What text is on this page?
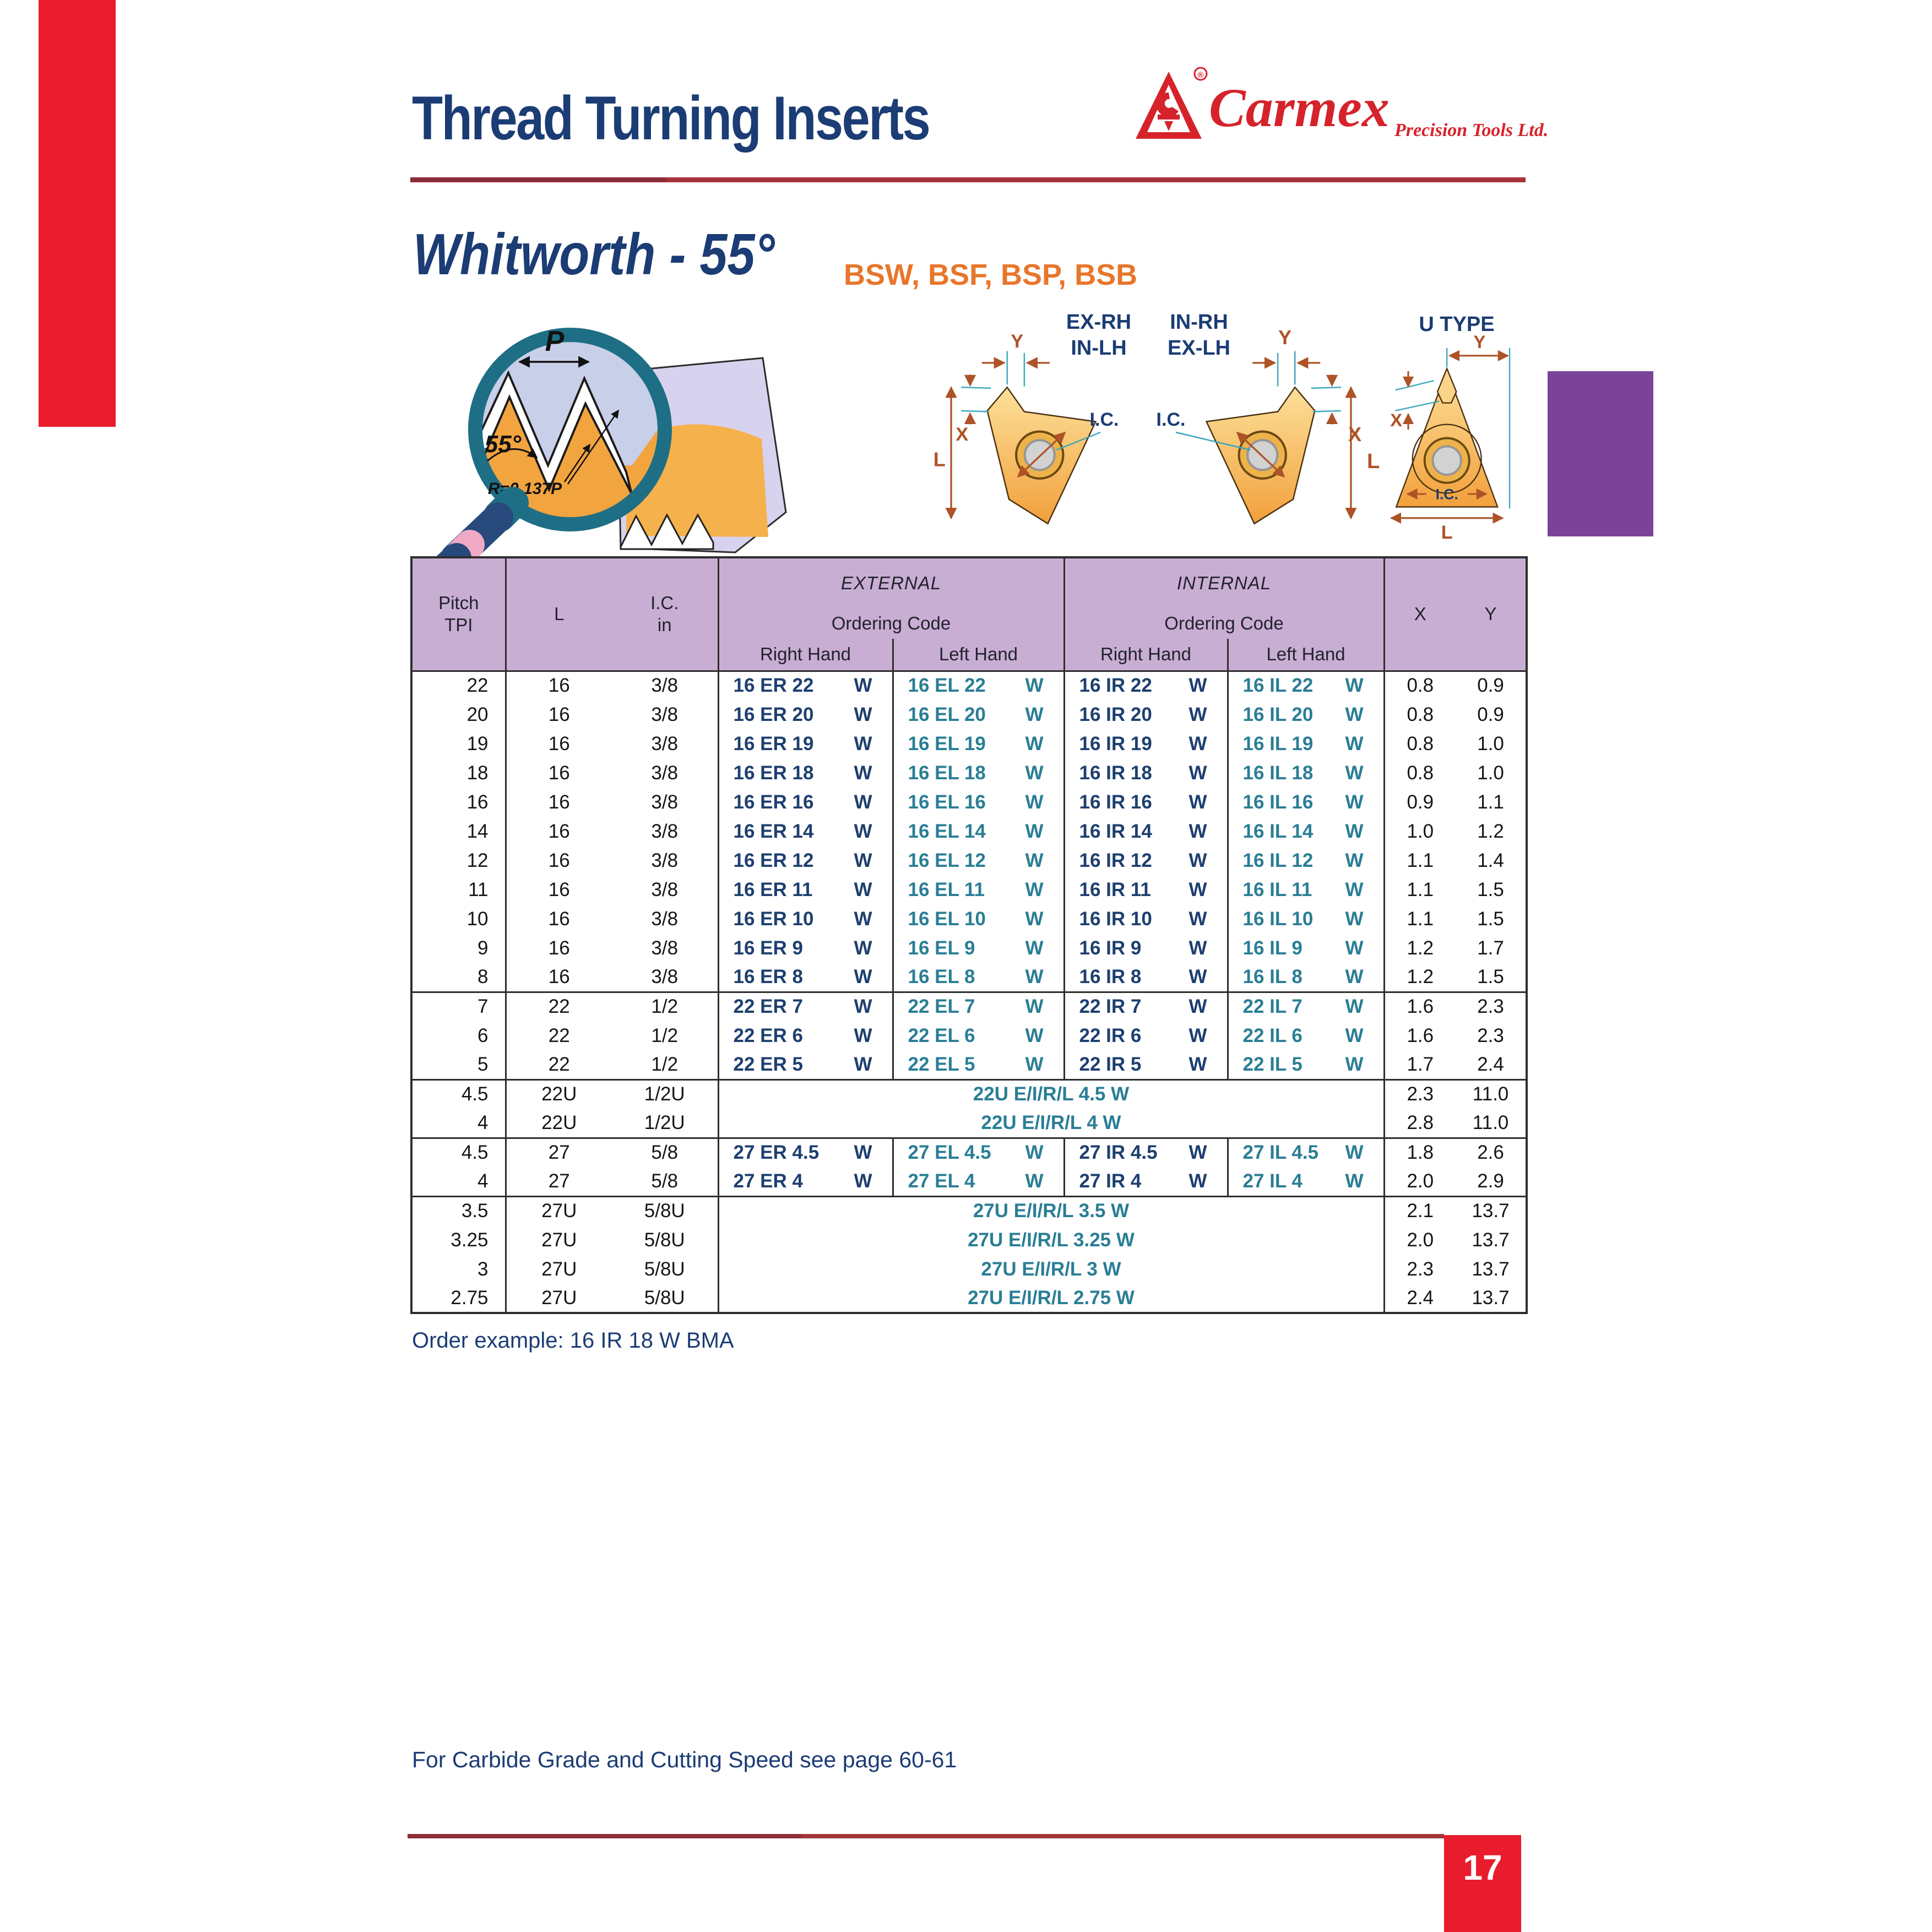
Thread Turning Inserts
Whitworth - 55° BSW, BSF, BSP, BSB
®
Carmex Precision Tools Ltd.
P
55°
R=0.137P
EX-RH
IN-LH
IN-RH
EX-LH
U TYPE
Y
X
L
Y
X
L
I.C. I.C.	X
Y
I.C.
L
Pitch
TPI
	L	
I.C.
in
	EXTERNAL	INTERNAL	X	Y
			Ordering Code		Ordering Code			
			Right Hand	Left Hand	Right Hand	Left Hand		
22	16	3/8	16 ER 22 W	16 EL 22 W	16 IR 22 W	16 IL 22 W	0.8	0.9
20	16	3/8	16 ER 20 W	16 EL 20 W	16 IR 20 W	16 IL 20 W	0.8	0.9
19	16	3/8	16 ER 19 W	16 EL 19 W	16 IR 19 W	16 IL 19 W	0.8	1.0
18	16	3/8	16 ER 18 W	16 EL 18 W	16 IR 18 W	16 IL 18 W	0.8	1.0
16	16	3/8	16 ER 16 W	16 EL 16 W	16 IR 16 W	16 IL 16 W	0.9	1.1
14	16	3/8	16 ER 14 W	16 EL 14 W	16 IR 14 W	16 IL 14 W	1.0	1.2
12	16	3/8	16 ER 12 W	16 EL 12 W	16 IR 12 W	16 IL 12 W	1.1	1.4
11	16	3/8	16 ER 11 W	16 EL 11 W	16 IR 11 W	16 IL 11 W	1.1	1.5
10	16	3/8	16 ER 10 W	16 EL 10 W	16 IR 10 W	16 IL 10 W	1.1	1.5
9	16	3/8	16 ER 9 W	16 EL 9 W	16 IR 9 W	16 IL 9 W	1.2	1.7
8	16	3/8	16 ER 8 W	16 EL 8 W	16 IR 8 W	16 IL 8 W	1.2	1.5
7	22	1/2	22 ER 7 W	22 EL 7 W	22 IR 7 W	22 IL 7 W	1.6	2.3
6	22	1/2	22 ER 6 W	22 EL 6 W	22 IR 6 W	22 IL 6 W	1.6	2.3
5	22	1/2	22 ER 5 W	22 EL 5 W	22 IR 5 W	22 IL 5 W	1.7	2.4
4.5	22U	1/2U	22U E/I/R/L 4.5 W				2.3	11.0
4	22U	1/2U	22U E/I/R/L 4 W				2.8	11.0
4.5	27	5/8	27 ER 4.5 W	27 EL 4.5 W	27 IR 4.5 W	27 IL 4.5 W	1.8	2.6
4	27	5/8	27 ER 4 W	27 EL 4 W	27 IR 4 W	27 IL 4 W	2.0	2.9
3.5	27U	5/8U	27U E/I/R/L 3.5 W				2.1	13.7
3.25	27U	5/8U	27U E/I/R/L 3.25 W				2.0	13.7
3	27U	5/8U	27U E/I/R/L 3 W				2.3	13.7
2.75	27U	5/8U	27U E/I/R/L 2.75 W				2.4	13.7
Order example: 16 IR 18 W BMA
For Carbide Grade and Cutting Speed see page 60-61
17
